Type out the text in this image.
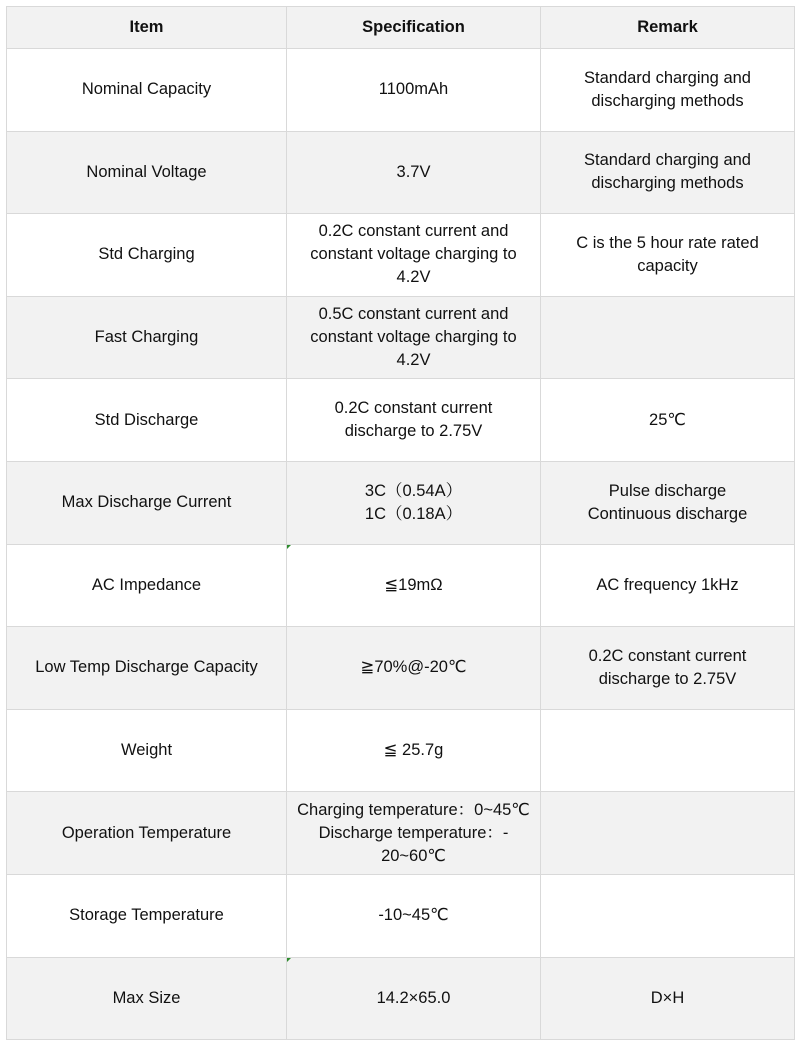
Item	Specification	Remark
Nominal Capacity	1100mAh	Standard charging and
discharging methods
Nominal Voltage	3.7V	Standard charging and
discharging methods
Std Charging	0.2C constant current and
constant voltage charging to
4.2V	C is the 5 hour rate rated
capacity
Fast Charging	0.5C constant current and
constant voltage charging to
4.2V	
Std Discharge	0.2C constant current
discharge to 2.75V	25℃
Max Discharge Current	3C（0.54A）
1C（0.18A）	Pulse discharge
Continuous discharge
AC Impedance	≦19mΩ	AC frequency 1kHz
Low Temp Discharge Capacity	≧70%@-20℃	0.2C constant current
discharge to 2.75V
Weight	≦ 25.7g	
Operation Temperature	Charging temperature：0~45℃
Discharge temperature：-
20~60℃	
Storage Temperature	-10~45℃	
Max Size	14.2×65.0	D×H
